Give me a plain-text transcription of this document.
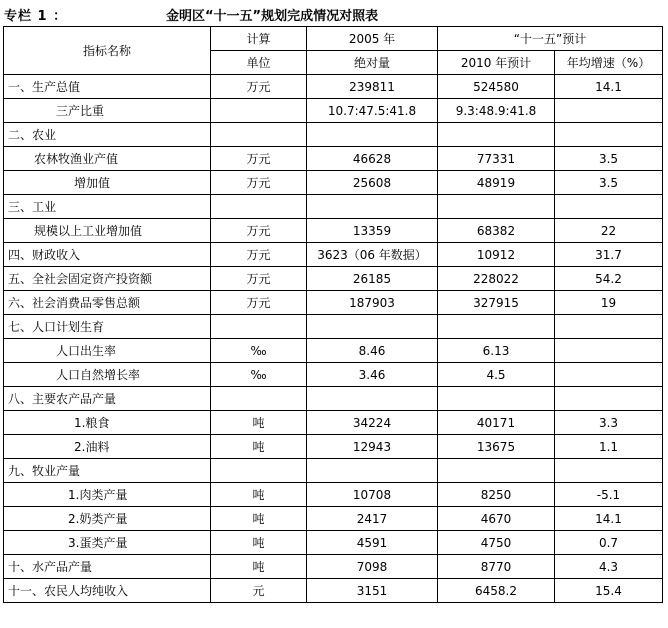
专栏 1 ：	金明区“十一五”规划完成情况对照表
指标名称	计算	2005 年	“十一五”预计	
	单位	绝对量	2010 年预计	年均增速（%）
一、生产总值	万元	239811	524580	14.1
三产比重		10.7:47.5:41.8	9.3:48.9:41.8	
二、农业				
农林牧渔业产值	万元	46628	77331	3.5
增加值	万元	25608	48919	3.5
三、工业				
规模以上工业增加值	万元	13359	68382	22
四、财政收入	万元	3623（06 年数据）	10912	31.7
五、全社会固定资产投资额	万元	26185	228022	54.2
六、社会消费品零售总额	万元	187903	327915	19
七、人口计划生育				
人口出生率	‰	8.46	6.13	
人口自然增长率	‰	3.46	4.5	
八、主要农产品产量				
1.粮食	吨	34224	40171	3.3
2.油料	吨	12943	13675	1.1
九、牧业产量				
1.肉类产量	吨	10708	8250	-5.1
2.奶类产量	吨	2417	4670	14.1
3.蛋类产量	吨	4591	4750	0.7
十、水产品产量	吨	7098	8770	4.3
十一、农民人均纯收入	元	3151	6458.2	15.4
